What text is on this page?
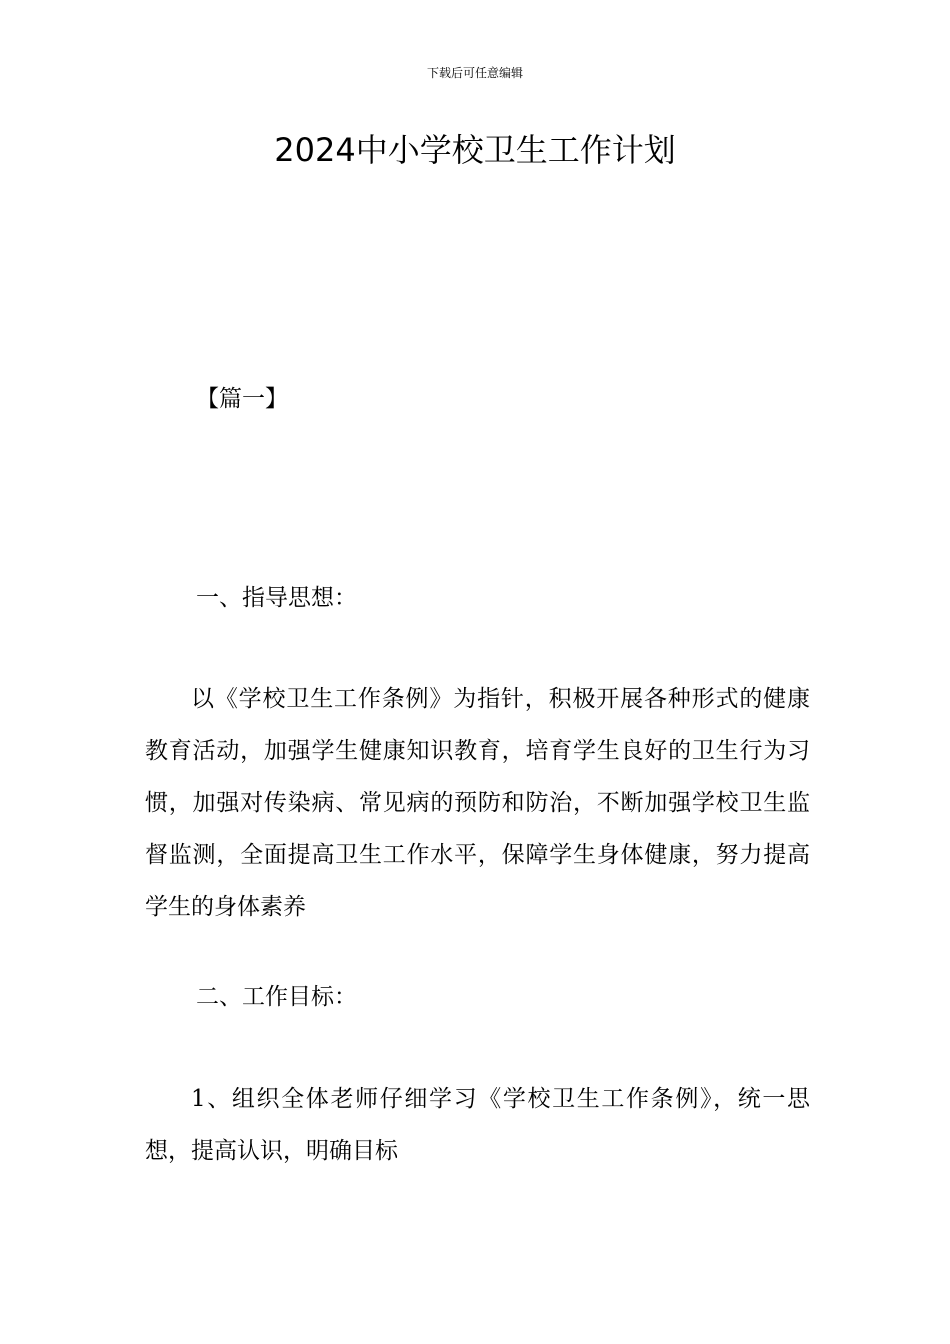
下载后可任意编辑
2024中小学校卫生工作计划
【篇一】
一、指导思想：

以《学校卫生工作条例》为指针，积极开展各种形式的健康教育活动，加强学生健康知识教育，培育学生良好的卫生行为习惯，加强对传染病、常见病的预防和防治，不断加强学校卫生监督监测，全面提高卫生工作水平，保障学生身体健康，努力提高学生的身体素养

二、工作目标：

1、组织全体老师仔细学习《学校卫生工作条例》，统一思想，提高认识，明确目标
